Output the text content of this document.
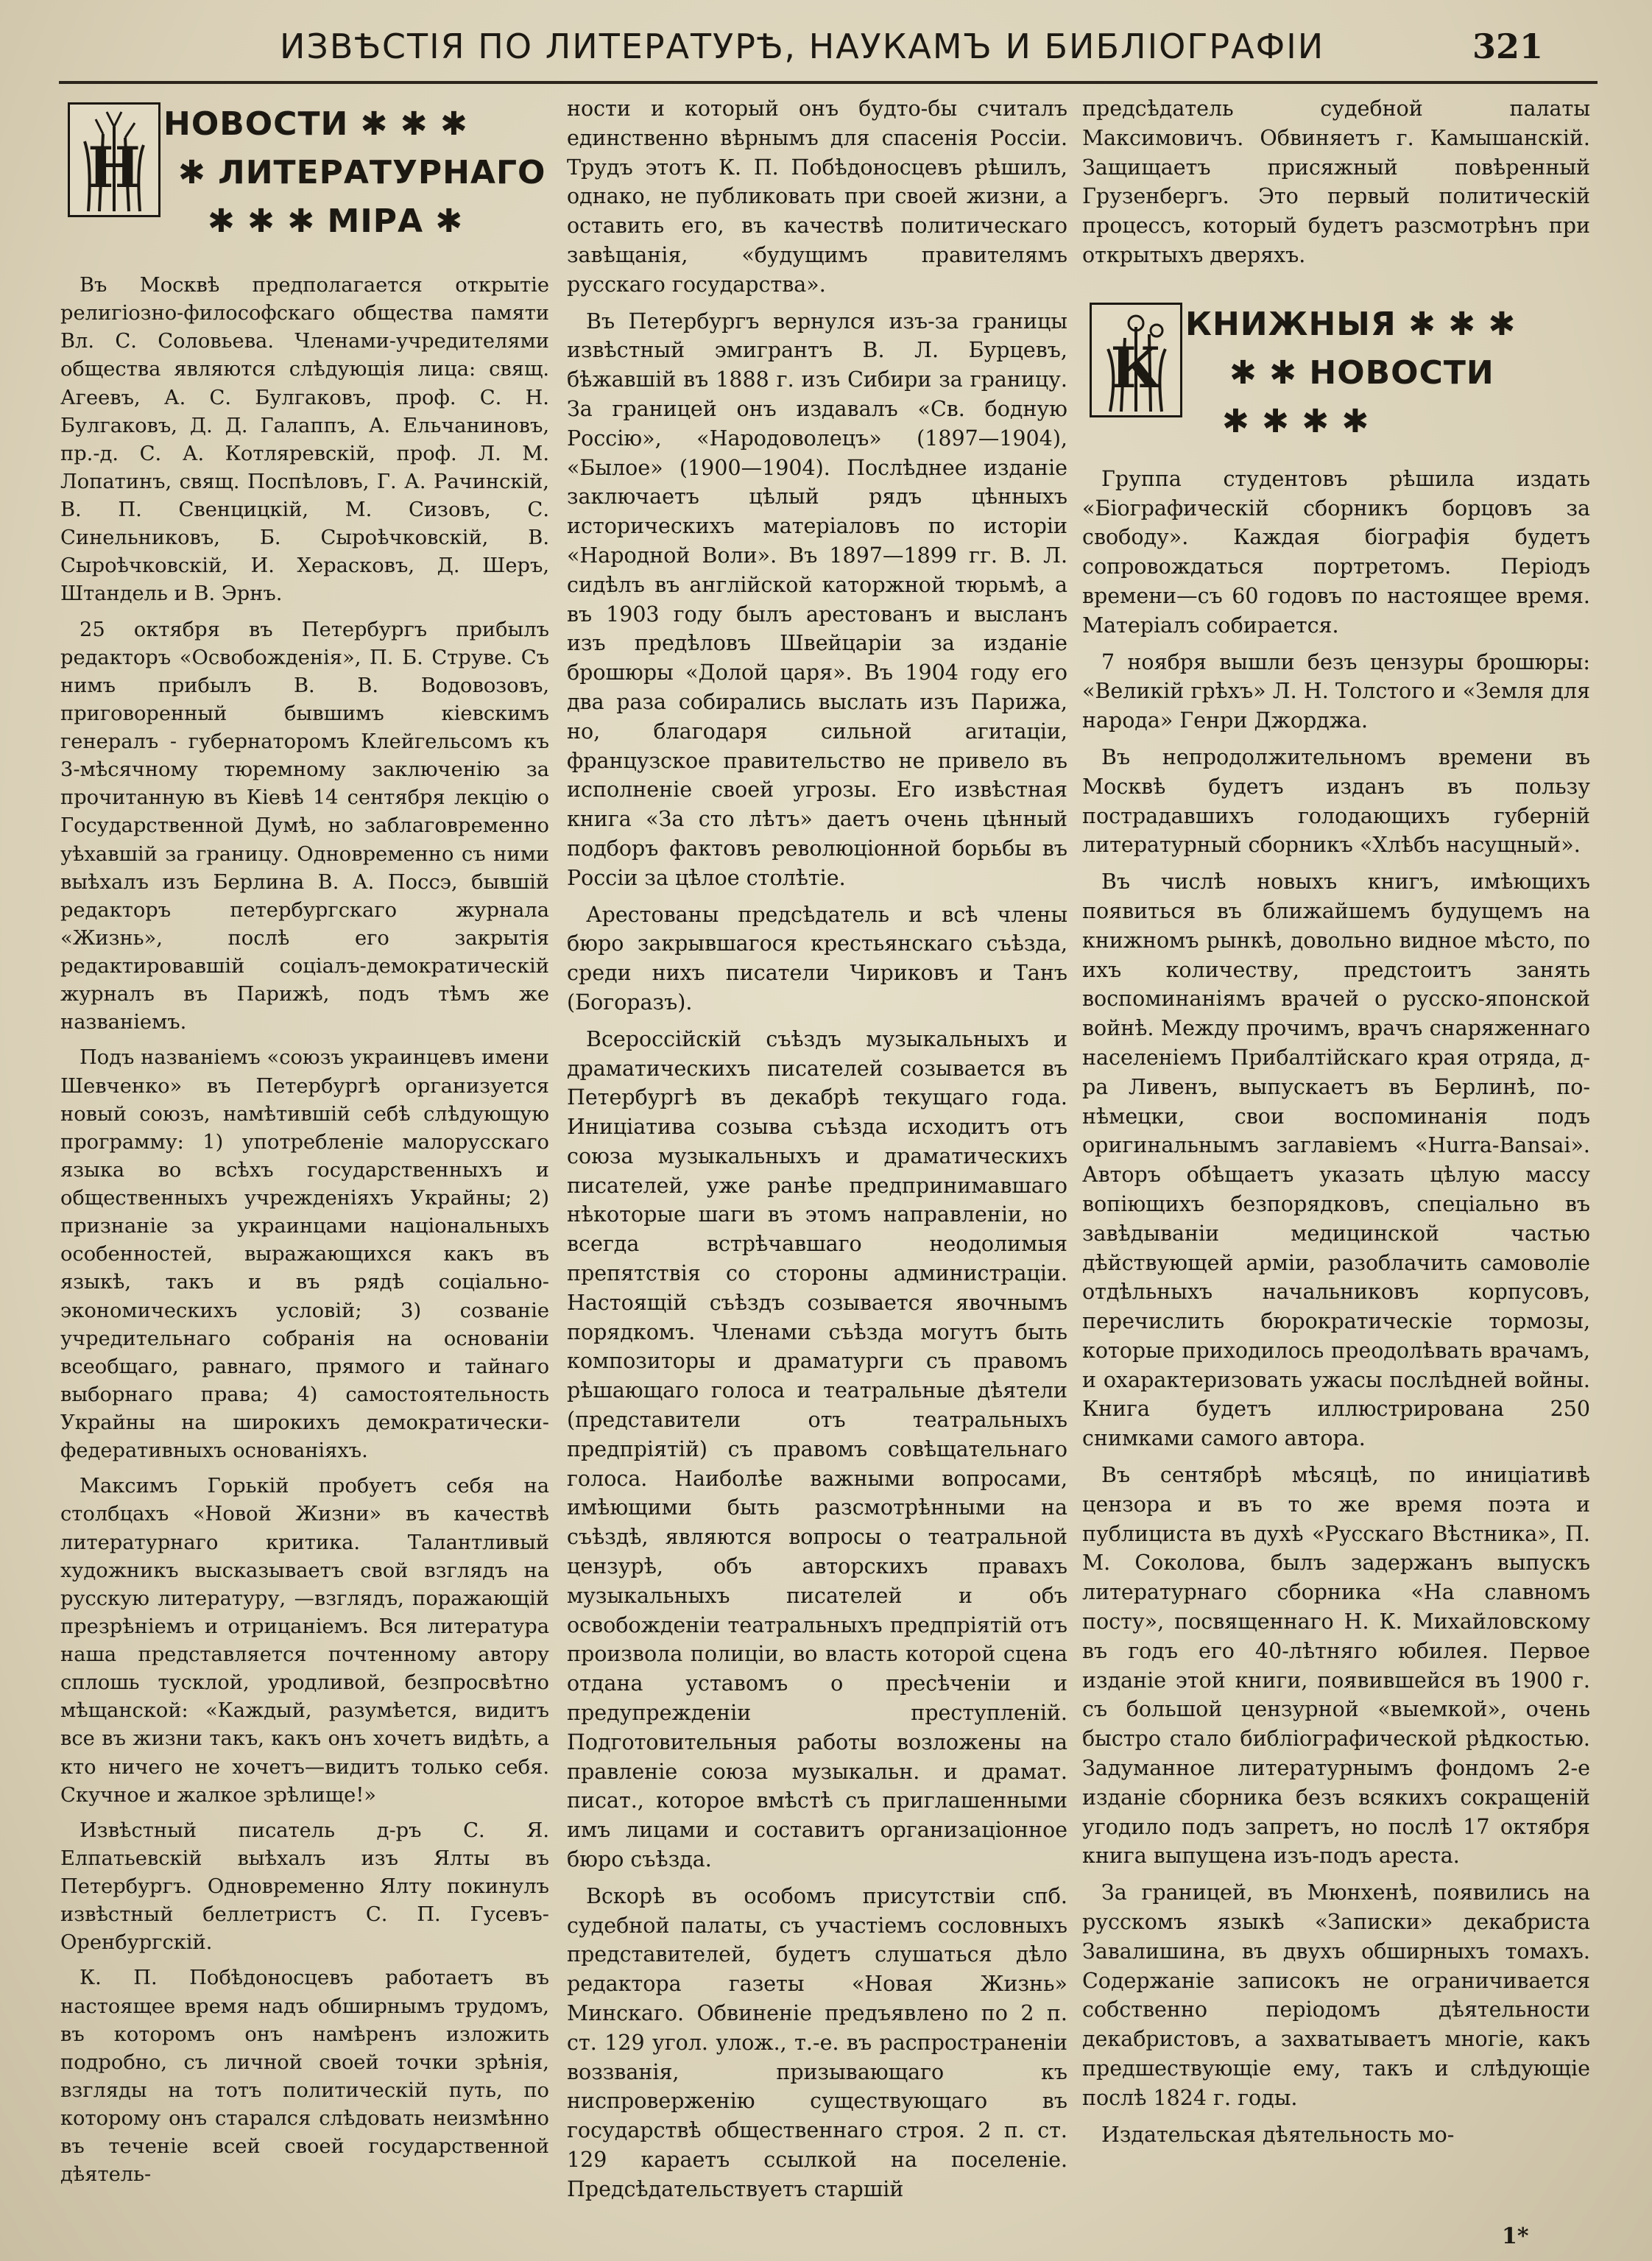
ИЗВѢСТІЯ ПО ЛИТЕРАТУРѢ, НАУКАМЪ И БИБЛІОГРАФІИ	321
Н
НОВОСТИ ✱ ✱ ✱
✱ ЛИТЕРАТУРНАГО
✱ ✱ ✱ МІРА ✱

Въ Москвѣ предполагается открытіе религіозно-философскаго общества памяти Вл. С. Соловьева. Членами-учредителями общества являются слѣдующія лица: свящ. Агеевъ, А. С. Булгаковъ, проф. С. Н. Булгаковъ, Д. Д. Галаппъ, А. Ельчаниновъ, пр.-д. С. А. Котляревскій, проф. Л. М. Лопатинъ, свящ. Поспѣловъ, Г. А. Рачинскій, В. П. Свенцицкій, М. Сизовъ, С. Синельниковъ, Б. Сыроѣчковскій, В. Сыроѣчковскій, И. Херасковъ, Д. Шеръ, Штандель и В. Эрнъ.

25 октября въ Петербургъ прибылъ редакторъ «Освобожденія», П. Б. Струве. Съ нимъ прибылъ В. В. Водовозовъ, приговоренный бывшимъ кіевскимъ генералъ - губернаторомъ Клейгельсомъ къ 3-мѣсячному тюремному заключенію за прочитанную въ Кіевѣ 14 сентября лекцію о Государственной Думѣ, но заблаговременно уѣхавшій за границу. Одновременно съ ними выѣхалъ изъ Берлина В. А. Поссэ, бывшій редакторъ петербургскаго журнала «Жизнь», послѣ его закрытія редактировавшій соціалъ-демократическій журналъ въ Парижѣ, подъ тѣмъ же названіемъ.

Подъ названіемъ «союзъ украинцевъ имени Шевченко» въ Петербургѣ организуется новый союзъ, намѣтившій себѣ слѣдующую программу: 1) употребленіе малорусскаго языка во всѣхъ государственныхъ и общественныхъ учрежденіяхъ Украйны; 2) признаніе за украинцами національныхъ особенностей, выражающихся какъ въ языкѣ, такъ и въ рядѣ соціально-экономическихъ условій; 3) созваніе учредительнаго собранія на основаніи всеобщаго, равнаго, прямого и тайнаго выборнаго права; 4) самостоятельность Украйны на широкихъ демократически-федеративныхъ основаніяхъ.

Максимъ Горькій пробуетъ себя на столбцахъ «Новой Жизни» въ качествѣ литературнаго критика. Талантливый художникъ высказываетъ свой взглядъ на русскую литературу, —взглядъ, поражающій презрѣніемъ и отрицаніемъ. Вся литература наша представляется почтенному автору сплошь тусклой, уродливой, безпросвѣтно мѣщанской: «Каждый, разумѣется, видитъ все въ жизни такъ, какъ онъ хочетъ видѣть, а кто ничего не хочетъ—видитъ только себя. Скучное и жалкое зрѣлище!»

Извѣстный писатель д-ръ С. Я. Елпатьевскій выѣхалъ изъ Ялты въ Петербургъ. Одновременно Ялту покинулъ извѣстный беллетристъ С. П. Гусевъ-Оренбургскій.

К. П. Побѣдоносцевъ работаетъ въ настоящее время надъ обширнымъ трудомъ, въ которомъ онъ намѣренъ изложить подробно, съ личной своей точки зрѣнія, взгляды на тотъ политическій путь, по которому онъ старался слѣдовать неизмѣнно въ теченіе всей своей государственной дѣятель-

ности и который онъ будто-бы считалъ единственно вѣрнымъ для спасенія Россіи. Трудъ этотъ К. П. Побѣдоносцевъ рѣшилъ, однако, не публиковать при своей жизни, а оставить его, въ качествѣ политическаго завѣщанія, «будущимъ правителямъ русскаго государства».

Въ Петербургъ вернулся изъ-за границы извѣстный эмигрантъ В. Л. Бурцевъ, бѣжавшій въ 1888 г. изъ Сибири за границу. За границей онъ издавалъ «Св. бодную Россію», «Народоволецъ» (1897—1904), «Былое» (1900—1904). Послѣднее изданіе заключаетъ цѣлый рядъ цѣнныхъ историческихъ матеріаловъ по исторіи «Народной Воли». Въ 1897—1899 гг. В. Л. сидѣлъ въ англійской каторжной тюрьмѣ, а въ 1903 году былъ арестованъ и высланъ изъ предѣловъ Швейцаріи за изданіе брошюры «Долой царя». Въ 1904 году его два раза собирались выслать изъ Парижа, но, благодаря сильной агитаціи, французское правительство не привело въ исполненіе своей угрозы. Его извѣстная книга «За сто лѣтъ» даетъ очень цѣнный подборъ фактовъ революціонной борьбы въ Россіи за цѣлое столѣтіе.

Арестованы предсѣдатель и всѣ члены бюро закрывшагося крестьянскаго съѣзда, среди нихъ писатели Чириковъ и Танъ (Богоразъ).

Всероссійскій съѣздъ музыкальныхъ и драматическихъ писателей созывается въ Петербургѣ въ декабрѣ текущаго года. Иниціатива созыва съѣзда исходитъ отъ союза музыкальныхъ и драматическихъ писателей, уже ранѣе предпринимавшаго нѣкоторые шаги въ этомъ направленіи, но всегда встрѣчавшаго неодолимыя препятствія со стороны администраціи. Настоящій съѣздъ созывается явочнымъ порядкомъ. Членами съѣзда могутъ быть композиторы и драматурги съ правомъ рѣшающаго голоса и театральные дѣятели (представители отъ театральныхъ предпріятій) съ правомъ совѣщательнаго голоса. Наиболѣе важными вопросами, имѣющими быть разсмотрѣнными на съѣздѣ, являются вопросы о театральной цензурѣ, объ авторскихъ правахъ музыкальныхъ писателей и объ освобожденіи театральныхъ предпріятій отъ произвола полиціи, во власть которой сцена отдана уставомъ о пресѣченіи и предупрежденіи преступленій. Подготовительныя работы возложены на правленіе союза музыкальн. и драмат. писат., которое вмѣстѣ съ приглашенными имъ лицами и составитъ организаціонное бюро съѣзда.

Вскорѣ въ особомъ присутствіи спб. судебной палаты, съ участіемъ сословныхъ представителей, будетъ слушаться дѣло редактора газеты «Новая Жизнь» Минскаго. Обвиненіе предъявлено по 2 п. ст. 129 угол. улож., т.-е. въ распространеніи воззванія, призывающаго къ ниспроверженію существующаго въ государствѣ общественнаго строя. 2 п. ст. 129 караетъ ссылкой на поселеніе. Предсѣдательствуетъ старшій

предсѣдатель судебной палаты Максимовичъ. Обвиняетъ г. Камышанскій. Защищаетъ присяжный повѣренный Грузенбергъ. Это первый политическій процессъ, который будетъ разсмотрѣнъ при открытыхъ дверяхъ.

К
КНИЖНЫЯ ✱ ✱ ✱
✱ ✱ НОВОСТИ
✱ ✱ ✱ ✱

Группа студентовъ рѣшила издать «Біографическій сборникъ борцовъ за свободу». Каждая біографія будетъ сопровождаться портретомъ. Періодъ времени—съ 60 годовъ по настоящее время. Матеріалъ собирается.

7 ноября вышли безъ цензуры брошюры: «Великій грѣхъ» Л. Н. Толстого и «Земля для народа» Генри Джорджа.

Въ непродолжительномъ времени въ Москвѣ будетъ изданъ въ пользу пострадавшихъ голодающихъ губерній литературный сборникъ «Хлѣбъ насущный».

Въ числѣ новыхъ книгъ, имѣющихъ появиться въ ближайшемъ будущемъ на книжномъ рынкѣ, довольно видное мѣсто, по ихъ количеству, предстоитъ занять воспоминаніямъ врачей о русско-японской войнѣ. Между прочимъ, врачъ снаряженнаго населеніемъ Прибалтійскаго края отряда, д-ра Ливенъ, выпускаетъ въ Берлинѣ, по-нѣмецки, свои воспоминанія подъ оригинальнымъ заглавіемъ «Hurra-Bansai». Авторъ обѣщаетъ указать цѣлую массу вопіющихъ безпорядковъ, спеціально въ завѣдываніи медицинской частью дѣйствующей арміи, разоблачить самоволіе отдѣльныхъ начальниковъ корпусовъ, перечислить бюрократическіе тормозы, которые приходилось преодолѣвать врачамъ, и охарактеризовать ужасы послѣдней войны. Книга будетъ иллюстрирована 250 снимками самого автора.

Въ сентябрѣ мѣсяцѣ, по иниціативѣ цензора и въ то же время поэта и публициста въ духѣ «Русскаго Вѣстника», П. М. Соколова, былъ задержанъ выпускъ литературнаго сборника «На славномъ посту», посвященнаго Н. К. Михайловскому въ годъ его 40-лѣтняго юбилея. Первое изданіе этой книги, появившейся въ 1900 г. съ большой цензурной «выемкой», очень быстро стало библіографической рѣдкостью. Задуманное литературнымъ фондомъ 2-е изданіе сборника безъ всякихъ сокращеній угодило подъ запретъ, но послѣ 17 октября книга выпущена изъ-подъ ареста.

За границей, въ Мюнхенѣ, появились на русскомъ языкѣ «Записки» декабриста Завалишина, въ двухъ обширныхъ томахъ. Содержаніе записокъ не ограничивается собственно періодомъ дѣятельности декабристовъ, а захватываетъ многіе, какъ предшествующіе ему, такъ и слѣдующіе послѣ 1824 г. годы.

Издательская дѣятельность мо-

1*
